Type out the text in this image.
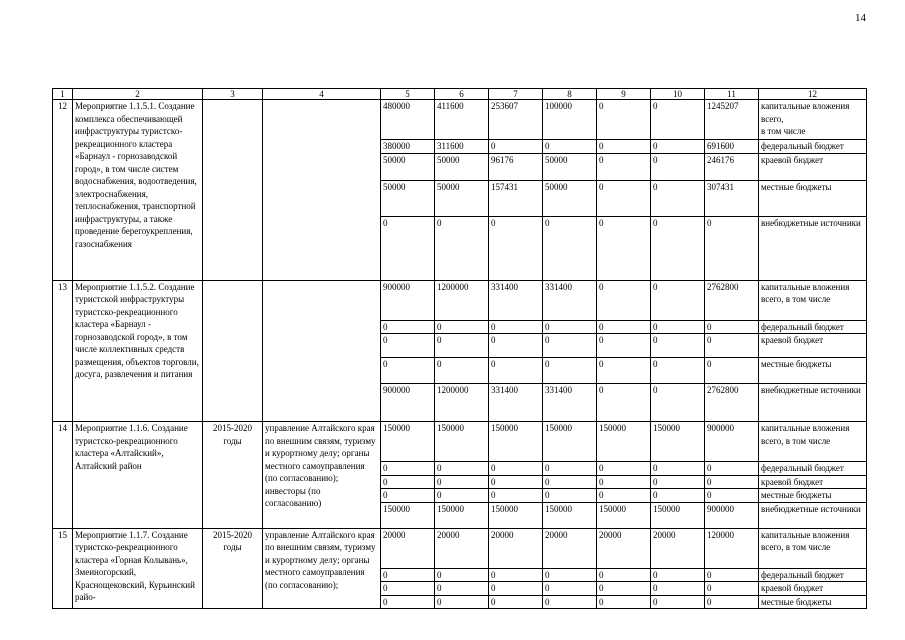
14
1	2	3	4	5	6	7	8	9	10	11	12
12	Мероприятие 1.1.5.1. Создание комплекса обеспечивающей инфраструктуры туристско-рекреационного кластера «Барнаул - горнозаводской город», в том числе систем водоснабжения, водоотведения, электроснабжения, теплоснабжения, транспортной инфраструктуры, а также проведение берегоукрепления, газоснабжения			480000	411600	253607	100000	0	0	1245207	капитальные вложения всего,
в том числе
				380000	311600	0	0	0	0	691600	федеральный бюджет
				50000	50000	96176	50000	0	0	246176	краевой бюджет
				50000	50000	157431	50000	0	0	307431	местные бюджеты
				0	0	0	0	0	0	0	внебюджетные источники
13	Мероприятие 1.1.5.2. Создание туристской инфраструктуры туристско-рекреационного кластера «Барнаул - горнозаводской город», в том числе коллективных средств размещения, объектов торговли, досуга, развлечения и питания			900000	1200000	331400	331400	0	0	2762800	капитальные вложения всего, в том числе
				0	0	0	0	0	0	0	федеральный бюджет
				0	0	0	0	0	0	0	краевой бюджет
				0	0	0	0	0	0	0	местные бюджеты
				900000	1200000	331400	331400	0	0	2762800	внебюджетные источники
14	Мероприятие 1.1.6. Создание туристско-рекреационного кластера «Алтайский», Алтайский район	2015-2020 годы	управление Алтайского края по внешним связям, туризму и курортному делу; органы местного самоуправления (по согласованию); инвесторы (по согласованию)	150000	150000	150000	150000	150000	150000	900000	капитальные вложения всего, в том числе
				0	0	0	0	0	0	0	федеральный бюджет
				0	0	0	0	0	0	0	краевой бюджет
				0	0	0	0	0	0	0	местные бюджеты
				150000	150000	150000	150000	150000	150000	900000	внебюджетные источники
15	Мероприятие 1.1.7. Создание туристско-рекреационного кластера «Горная Колывань», Змеиногорский, Краснощековский, Курьинский райо-	2015-2020 годы	управление Алтайского края по внешним связям, туризму и курортному делу; органы местного самоуправления (по согласованию);	20000	20000	20000	20000	20000	20000	120000	капитальные вложения всего, в том числе
				0	0	0	0	0	0	0	федеральный бюджет
				0	0	0	0	0	0	0	краевой бюджет
				0	0	0	0	0	0	0	местные бюджеты
